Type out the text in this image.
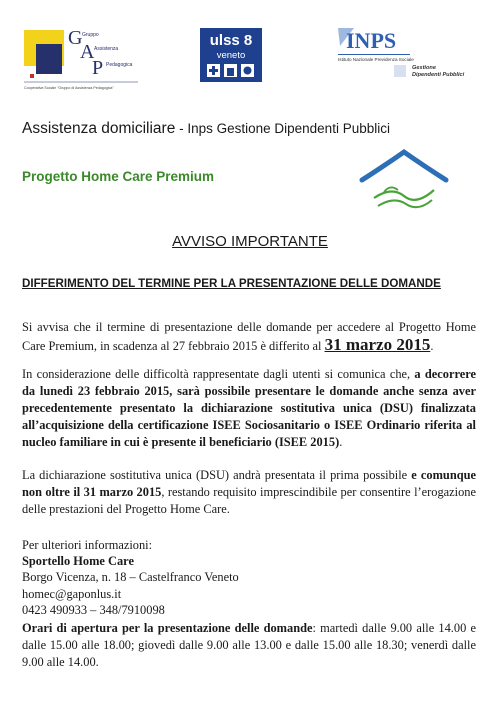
G
A
P
Gruppo
Assistenza
Pedagogica
Cooperativa Sociale "Gruppo di Assistenza Pedagogica"
ulss 8
veneto
INPS
Istituto Nazionale Previdenza Sociale
Gestione
Dipendenti Pubblici
Assistenza domiciliare - Inps Gestione Dipendenti Pubblici
Progetto Home Care Premium
AVVISO IMPORTANTE
DIFFERIMENTO DEL TERMINE PER LA PRESENTAZIONE DELLE DOMANDE
Si avvisa che il termine di presentazione delle domande per accedere al Progetto Home Care Premium, in scadenza al 27 febbraio 2015 è differito al 31 marzo 2015.
In considerazione delle difficoltà rappresentate dagli utenti si comunica che, a decorrere da lunedì 23 febbraio 2015, sarà possibile presentare le domande anche senza aver precedentemente presentato la dichiarazione sostitutiva unica (DSU) finalizzata all’acquisizione della certificazione ISEE Sociosanitario o ISEE Ordinario riferita al nucleo familiare in cui è presente il beneficiario (ISEE 2015).
La dichiarazione sostitutiva unica (DSU) andrà presentata il prima possibile e comunque non oltre il 31 marzo 2015, restando requisito imprescindibile per consentire l’erogazione delle prestazioni del Progetto Home Care.
Per ulteriori informazioni:
Sportello Home Care
Borgo Vicenza, n. 18 – Castelfranco Veneto
homec@gaponlus.it
0423 490933 – 348/7910098
Orari di apertura per la presentazione delle domande: martedì dalle 9.00 alle 14.00 e dalle 15.00 alle 18.00; giovedì dalle 9.00 alle 13.00 e dalle 15.00 alle 18.30; venerdì dalle 9.00 alle 14.00.
